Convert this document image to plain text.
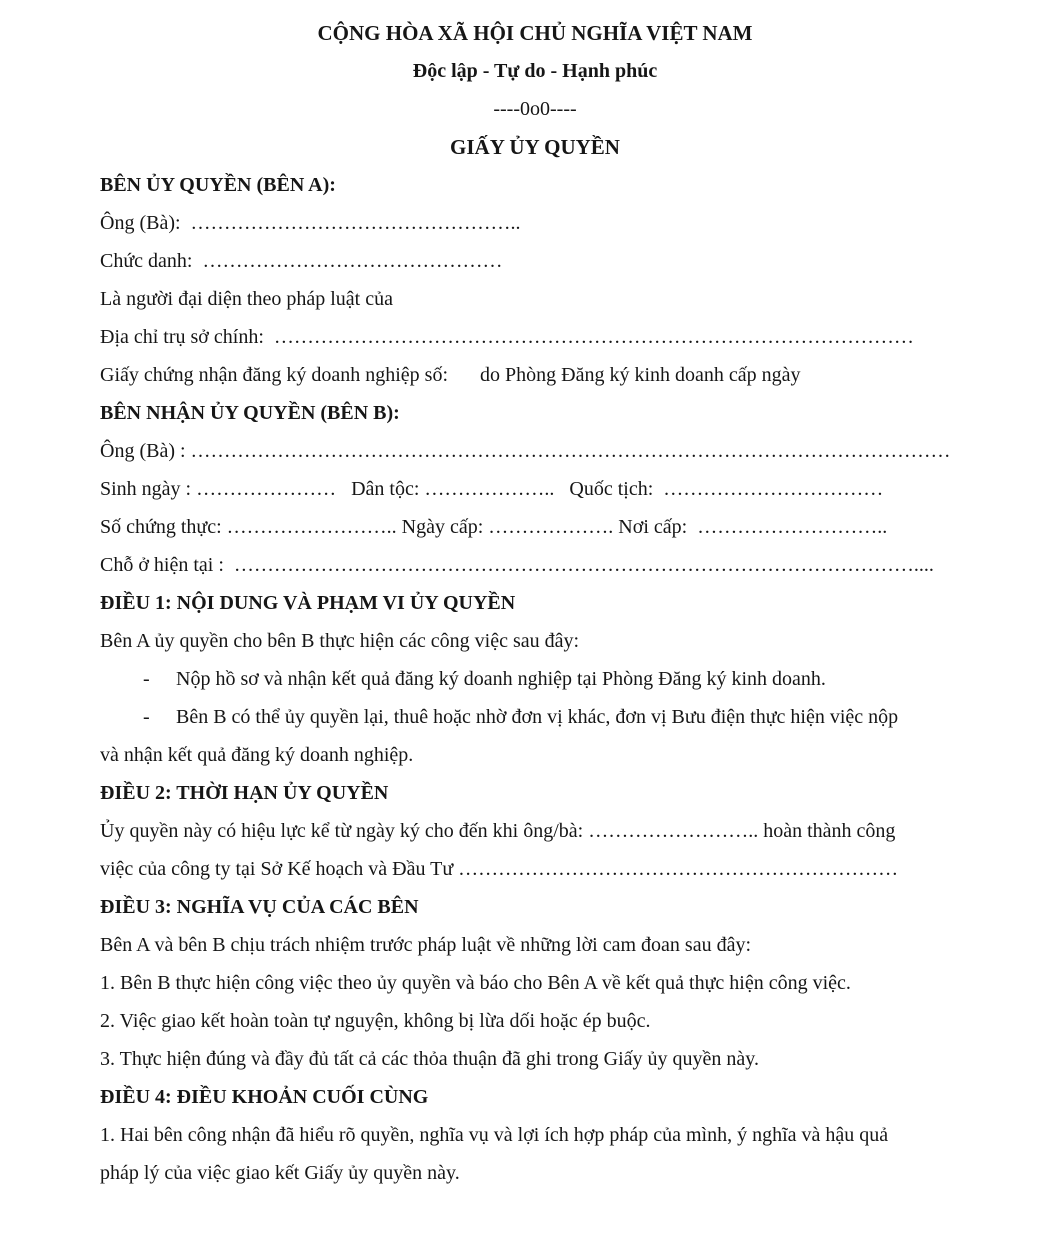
CỘNG HÒA XÃ HỘI CHỦ NGHĨA VIỆT NAM
Độc lập - Tự do - Hạnh phúc
----0o0----
GIẤY ỦY QUYỀN
BÊN ỦY QUYỀN (BÊN A):
Ông (Bà):  …………………………………………..
Chức danh:  ………………………………………
Là người đại diện theo pháp luật của
Địa chỉ trụ sở chính:  ……………………………………………………………………………………
Giấy chứng nhận đăng ký doanh nghiệp số: do Phòng Đăng ký kinh doanh cấp ngày
BÊN NHẬN ỦY QUYỀN (BÊN B):
Ông (Bà) : ……………………………………………………………………………………………………
Sinh ngày : …………………   Dân tộc: ………………..   Quốc tịch:  ……………………………
Số chứng thực: …………………….. Ngày cấp: ………………. Nơi cấp:  ………………………..
Chỗ ở hiện tại :  …………………………………………………………………………………………....
ĐIỀU 1: NỘI DUNG VÀ PHẠM VI ỦY QUYỀN
Bên A ủy quyền cho bên B thực hiện các công việc sau đây:
- Nộp hồ sơ và nhận kết quả đăng ký doanh nghiệp tại Phòng Đăng ký kinh doanh.
- Bên B có thể ủy quyền lại, thuê hoặc nhờ đơn vị khác, đơn vị Bưu điện thực hiện việc nộp
và nhận kết quả đăng ký doanh nghiệp.
ĐIỀU 2: THỜI HẠN ỦY QUYỀN
Ủy quyền này có hiệu lực kể từ ngày ký cho đến khi ông/bà: …………………….. hoàn thành công
việc của công ty tại Sở Kế hoạch và Đầu Tư …………………………………………………………
ĐIỀU 3: NGHĨA VỤ CỦA CÁC BÊN
Bên A và bên B chịu trách nhiệm trước pháp luật về những lời cam đoan sau đây:
1. Bên B thực hiện công việc theo ủy quyền và báo cho Bên A về kết quả thực hiện công việc.
2. Việc giao kết hoàn toàn tự nguyện, không bị lừa dối hoặc ép buộc.
3. Thực hiện đúng và đầy đủ tất cả các thỏa thuận đã ghi trong Giấy ủy quyền này.
ĐIỀU 4: ĐIỀU KHOẢN CUỐI CÙNG
1. Hai bên công nhận đã hiểu rõ quyền, nghĩa vụ và lợi ích hợp pháp của mình, ý nghĩa và hậu quả
pháp lý của việc giao kết Giấy ủy quyền này.
